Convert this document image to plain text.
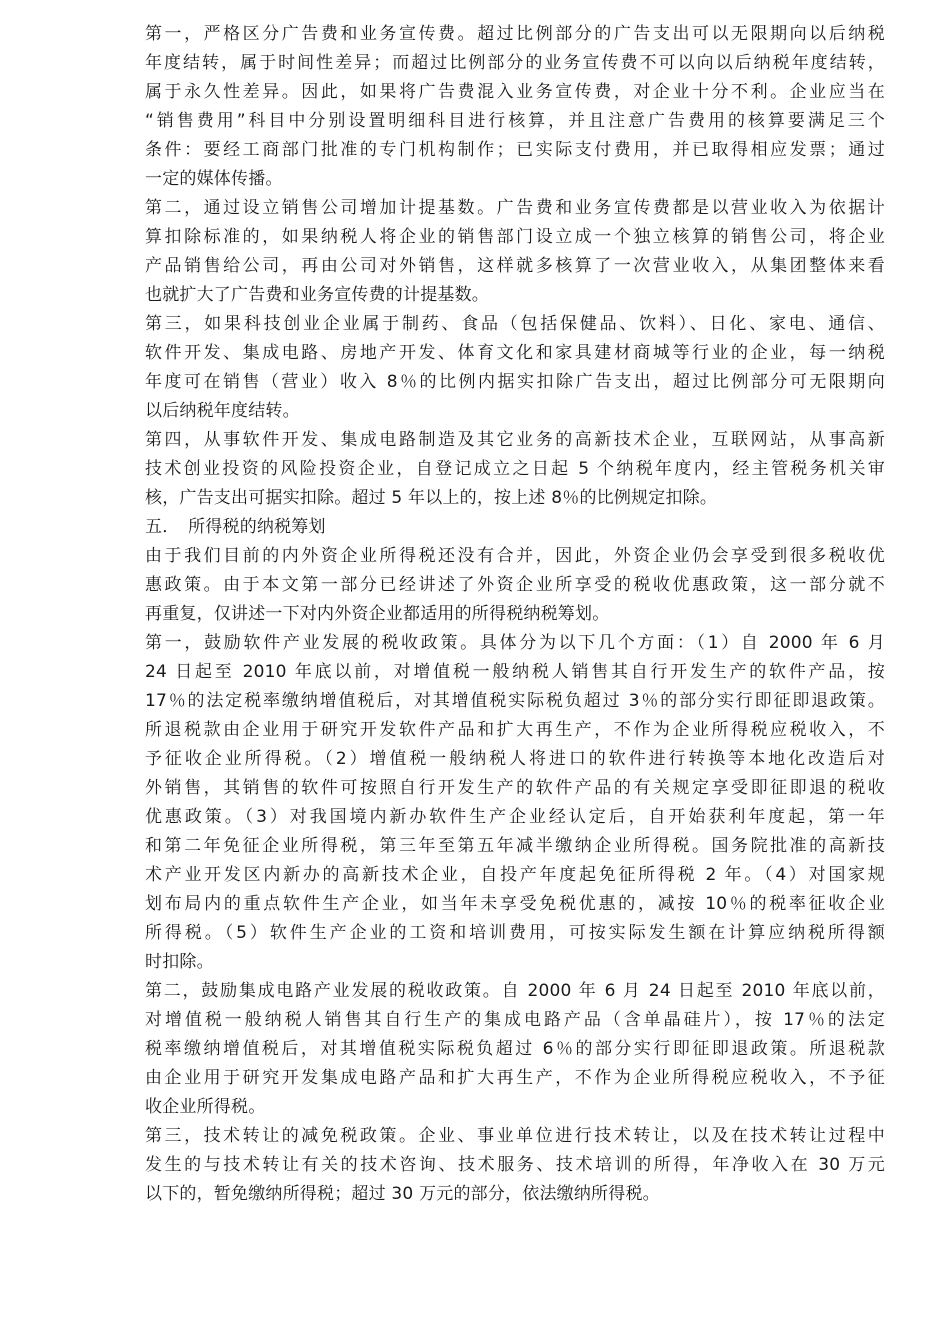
第一，严格区分广告费和业务宣传费。超过比例部分的广告支出可以无限期向以后纳税
年度结转，属于时间性差异；而超过比例部分的业务宣传费不可以向以后纳税年度结转，
属于永久性差异。因此，如果将广告费混入业务宣传费，对企业十分不利。企业应当在
“销售费用”科目中分别设置明细科目进行核算，并且注意广告费用的核算要满足三个
条件：要经工商部门批准的专门机构制作；已实际支付费用，并已取得相应发票；通过
一定的媒体传播。
第二，通过设立销售公司增加计提基数。广告费和业务宣传费都是以营业收入为依据计
算扣除标准的，如果纳税人将企业的销售部门设立成一个独立核算的销售公司，将企业
产品销售给公司，再由公司对外销售，这样就多核算了一次营业收入，从集团整体来看
也就扩大了广告费和业务宣传费的计提基数。
第三，如果科技创业企业属于制药、食品（包括保健品、饮料）、日化、家电、通信、
软件开发、集成电路、房地产开发、体育文化和家具建材商城等行业的企业，每一纳税
年度可在销售（营业）收入 8％的比例内据实扣除广告支出，超过比例部分可无限期向
以后纳税年度结转。
第四，从事软件开发、集成电路制造及其它业务的高新技术企业，互联网站，从事高新
技术创业投资的风险投资企业，自登记成立之日起 5 个纳税年度内，经主管税务机关审
核，广告支出可据实扣除。超过 5 年以上的，按上述 8％的比例规定扣除。
五．　所得税的纳税筹划
由于我们目前的内外资企业所得税还没有合并，因此，外资企业仍会享受到很多税收优
惠政策。由于本文第一部分已经讲述了外资企业所享受的税收优惠政策，这一部分就不
再重复，仅讲述一下对内外资企业都适用的所得税纳税筹划。
第一，鼓励软件产业发展的税收政策。具体分为以下几个方面：（1）自 2000 年 6 月
24 日起至 2010 年底以前，对增值税一般纳税人销售其自行开发生产的软件产品，按
17％的法定税率缴纳增值税后，对其增值税实际税负超过 3％的部分实行即征即退政策。
所退税款由企业用于研究开发软件产品和扩大再生产，不作为企业所得税应税收入，不
予征收企业所得税。（2）增值税一般纳税人将进口的软件进行转换等本地化改造后对
外销售，其销售的软件可按照自行开发生产的软件产品的有关规定享受即征即退的税收
优惠政策。（3）对我国境内新办软件生产企业经认定后，自开始获利年度起，第一年
和第二年免征企业所得税，第三年至第五年减半缴纳企业所得税。国务院批准的高新技
术产业开发区内新办的高新技术企业，自投产年度起免征所得税 2 年。（4）对国家规
划布局内的重点软件生产企业，如当年未享受免税优惠的，减按 10％的税率征收企业
所得税。（5）软件生产企业的工资和培训费用，可按实际发生额在计算应纳税所得额
时扣除。
第二，鼓励集成电路产业发展的税收政策。自 2000 年 6 月 24 日起至 2010 年底以前，
对增值税一般纳税人销售其自行生产的集成电路产品（含单晶硅片），按 17％的法定
税率缴纳增值税后，对其增值税实际税负超过 6％的部分实行即征即退政策。所退税款
由企业用于研究开发集成电路产品和扩大再生产，不作为企业所得税应税收入，不予征
收企业所得税。
第三，技术转让的减免税政策。企业、事业单位进行技术转让，以及在技术转让过程中
发生的与技术转让有关的技术咨询、技术服务、技术培训的所得，年净收入在 30 万元
以下的，暂免缴纳所得税；超过 30 万元的部分，依法缴纳所得税。
